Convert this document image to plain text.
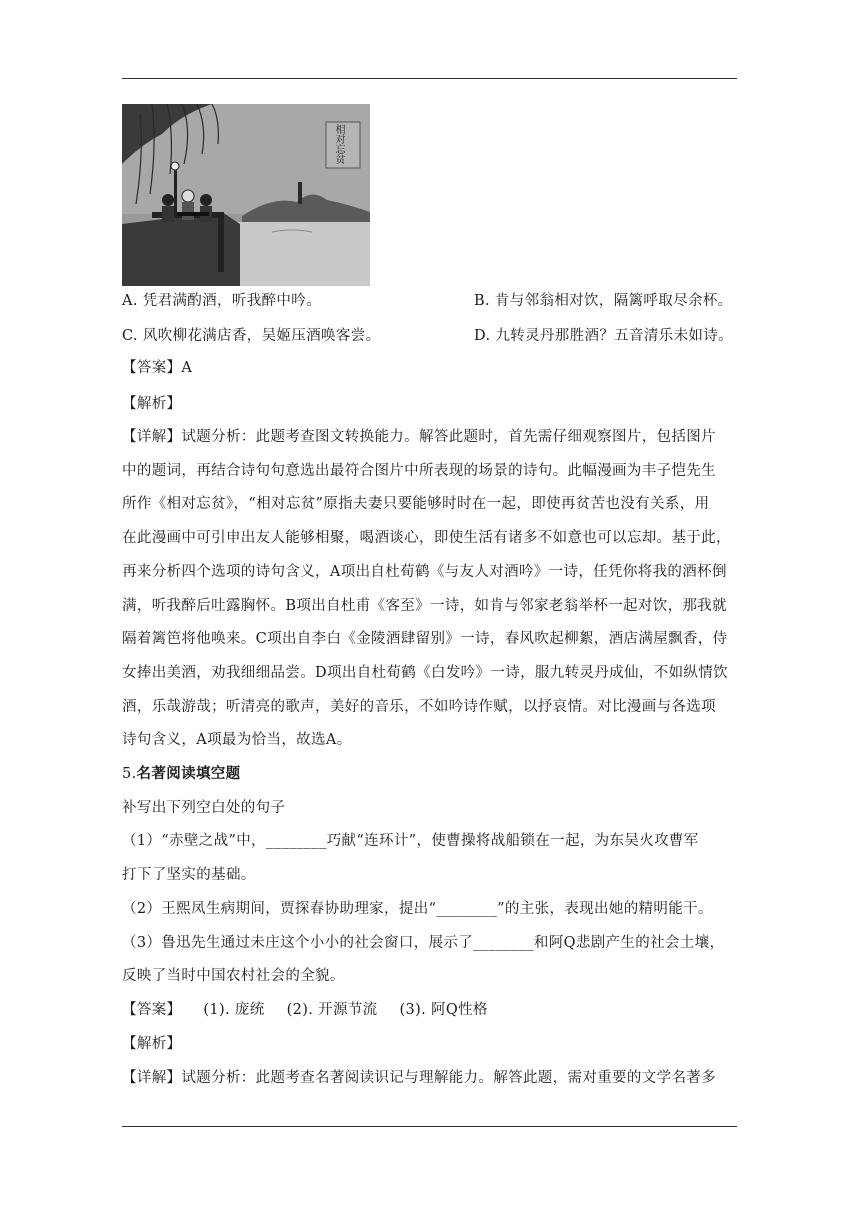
相对忘贫
A. 凭君满酌酒，听我醉中吟。	B. 肯与邻翁相对饮，隔篱呼取尽余杯。
C. 风吹柳花满店香，吴姬压酒唤客尝。	D. 九转灵丹那胜酒？五音清乐未如诗。
【答案】A
【解析】
【详解】试题分析：此题考查图文转换能力。解答此题时，首先需仔细观察图片，包括图片
中的题词，再结合诗句句意选出最符合图片中所表现的场景的诗句。此幅漫画为丰子恺先生
所作《相对忘贫》，“相对忘贫”原指夫妻只要能够时时在一起，即使再贫苦也没有关系，用
在此漫画中可引申出友人能够相聚，喝酒谈心，即使生活有诸多不如意也可以忘却。基于此，
再来分析四个选项的诗句含义，A项出自杜荀鹤《与友人对酒吟》一诗，任凭你将我的酒杯倒
满，听我醉后吐露胸怀。B项出自杜甫《客至》一诗，如肯与邻家老翁举杯一起对饮，那我就
隔着篱笆将他唤来。C项出自李白《金陵酒肆留别》一诗，春风吹起柳絮，酒店满屋飘香，侍
女捧出美酒，劝我细细品尝。D项出自杜荀鹤《白发吟》一诗，服九转灵丹成仙，不如纵情饮
酒，乐哉游哉；听清亮的歌声，美好的音乐，不如吟诗作赋，以抒哀情。对比漫画与各选项
诗句含义，A项最为恰当，故选A。
5.名著阅读填空题
补写出下列空白处的句子
（1）“赤壁之战”中，________巧献“连环计”，使曹操将战船锁在一起，为东吴火攻曹军
打下了坚实的基础。
（2）王熙凤生病期间，贾探春协助理家，提出“________”的主张，表现出她的精明能干。
（3）鲁迅先生通过未庄这个小小的社会窗口，展示了________和阿Q悲剧产生的社会土壤，
反映了当时中国农村社会的全貌。
【答案】 (1). 庞统 (2). 开源节流 (3). 阿Q性格
【解析】
【详解】试题分析：此题考查名著阅读识记与理解能力。解答此题，需对重要的文学名著多
